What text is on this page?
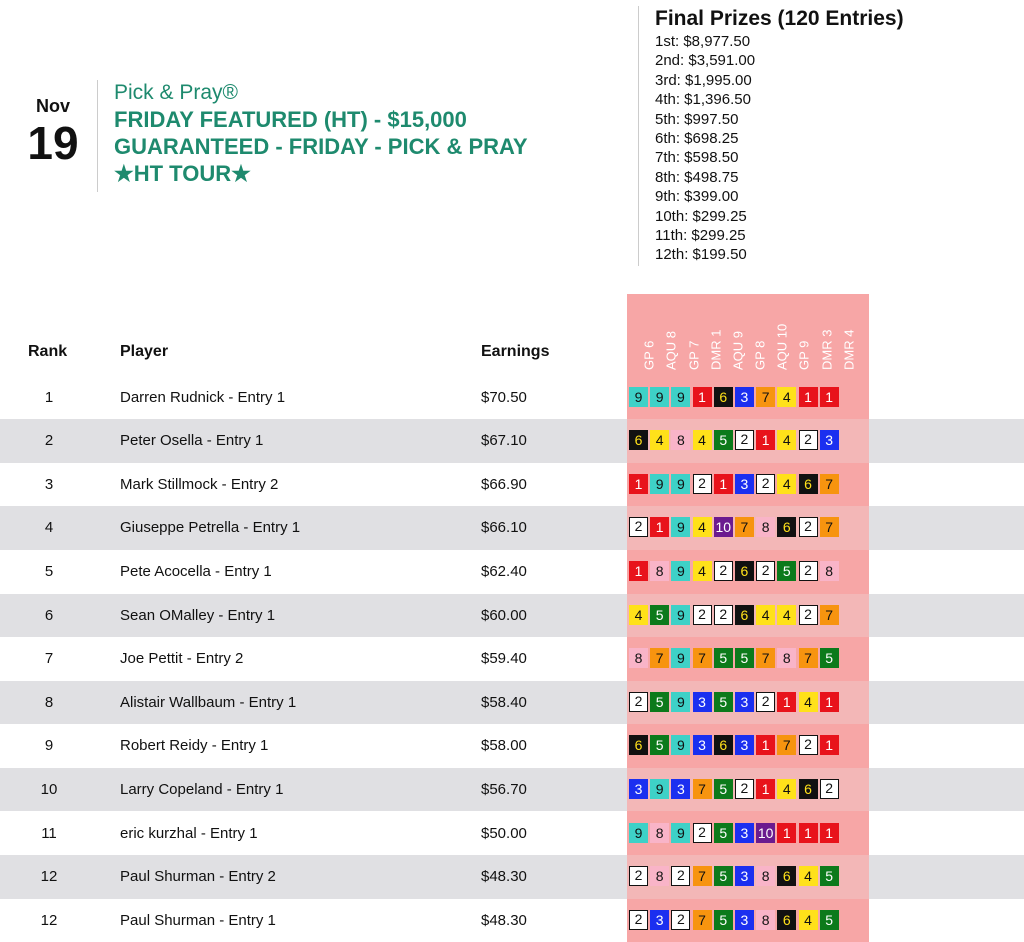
Nov
19
Pick & Pray®
FRIDAY FEATURED (HT) - $15,000
GUARANTEED - FRIDAY - PICK & PRAY
★HT TOUR★
Final Prizes (120 Entries)
1st: $8,977.50
2nd: $3,591.00
3rd: $1,995.00
4th: $1,396.50
5th: $997.50
6th: $698.25
7th: $598.50
8th: $498.75
9th: $399.00
10th: $299.25
11th: $299.25
12th: $199.50
GP 6 AQU 8 GP 7 DMR 1 AQU 9 GP 8 AQU 10 GP 9 DMR 3 DMR 4
Rank	Player	Earnings
1	Darren Rudnick - Entry 1	$70.50	9 9 9 1 6 3 7 4 1 1
2	Peter Osella - Entry 1	$67.10	6 4 8 4 5 2 1 4 2 3
3	Mark Stillmock - Entry 2	$66.90	1 9 9 2 1 3 2 4 6 7
4	Giuseppe Petrella - Entry 1	$66.10	2 1 9 4 10 7 8 6 2 7
5	Pete Acocella - Entry 1	$62.40	1 8 9 4 2 6 2 5 2 8
6	Sean OMalley - Entry 1	$60.00	4 5 9 2 2 6 4 4 2 7
7	Joe Pettit - Entry 2	$59.40	8 7 9 7 5 5 7 8 7 5
8	Alistair Wallbaum - Entry 1	$58.40	2 5 9 3 5 3 2 1 4 1
9	Robert Reidy - Entry 1	$58.00	6 5 9 3 6 3 1 7 2 1
10	Larry Copeland - Entry 1	$56.70	3 9 3 7 5 2 1 4 6 2
11	eric kurzhal - Entry 1	$50.00	9 8 9 2 5 3 10 1 1 1
12	Paul Shurman - Entry 2	$48.30	2 8 2 7 5 3 8 6 4 5
12	Paul Shurman - Entry 1	$48.30	2 3 2 7 5 3 8 6 4 5
